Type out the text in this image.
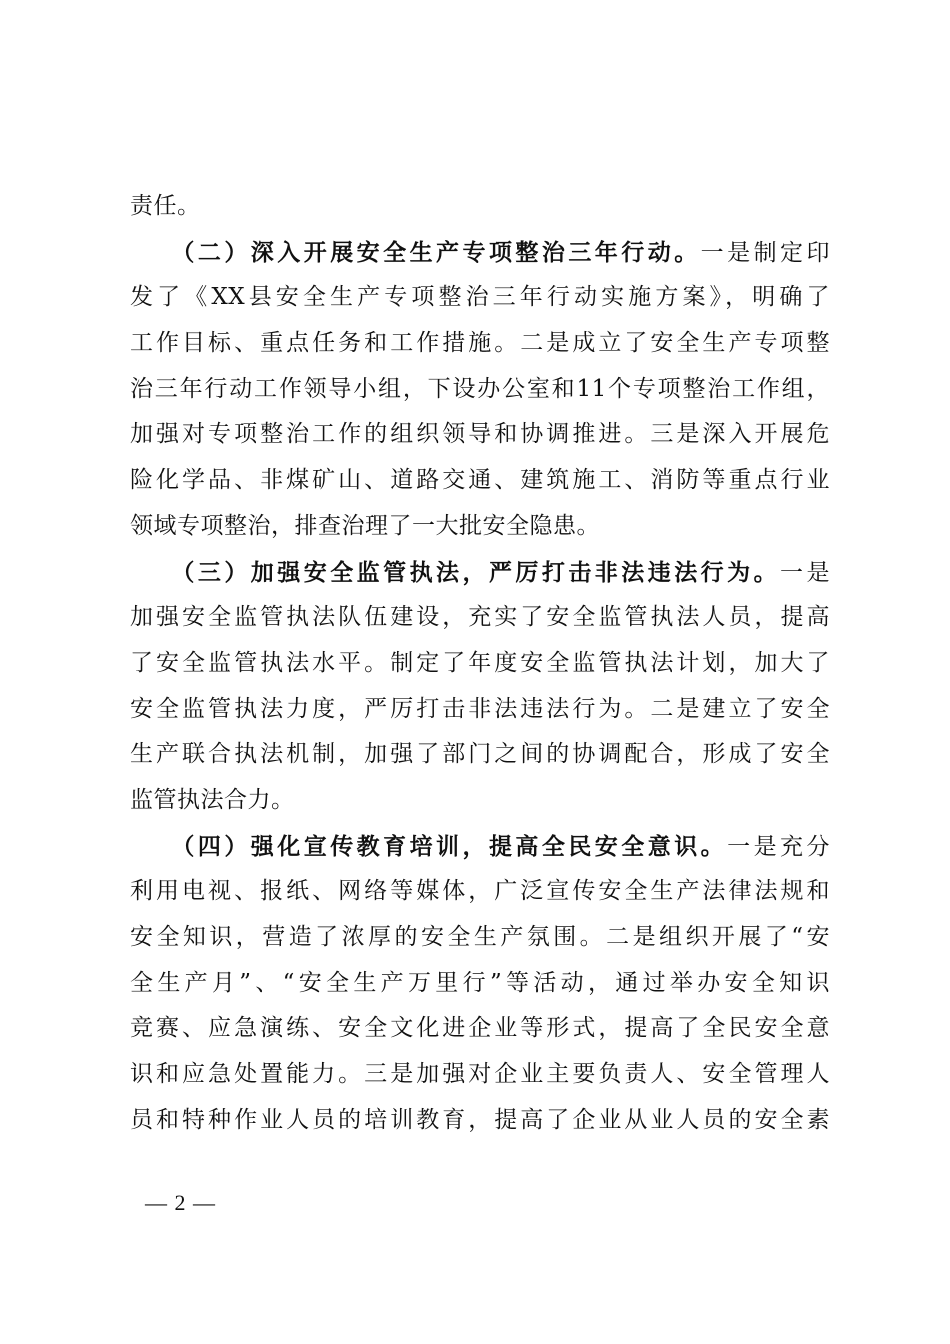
责任。
　　（二）深入开展安全生产专项整治三年行动。一是制定印
发了《XX县安全生产专项整治三年行动实施方案》，明确了
工作目标、重点任务和工作措施。二是成立了安全生产专项整
治三年行动工作领导小组，下设办公室和11个专项整治工作组，
加强对专项整治工作的组织领导和协调推进。三是深入开展危
险化学品、非煤矿山、道路交通、建筑施工、消防等重点行业
领域专项整治，排查治理了一大批安全隐患。
　　（三）加强安全监管执法，严厉打击非法违法行为。一是
加强安全监管执法队伍建设，充实了安全监管执法人员，提高
了安全监管执法水平。制定了年度安全监管执法计划，加大了
安全监管执法力度，严厉打击非法违法行为。二是建立了安全
生产联合执法机制，加强了部门之间的协调配合，形成了安全
监管执法合力。
　　（四）强化宣传教育培训，提高全民安全意识。一是充分
利用电视、报纸、网络等媒体，广泛宣传安全生产法律法规和
安全知识，营造了浓厚的安全生产氛围。二是组织开展了“安
全生产月”、“安全生产万里行”等活动，通过举办安全知识
竞赛、应急演练、安全文化进企业等形式，提高了全民安全意
识和应急处置能力。三是加强对企业主要负责人、安全管理人
员和特种作业人员的培训教育，提高了企业从业人员的安全素
— 2 —
